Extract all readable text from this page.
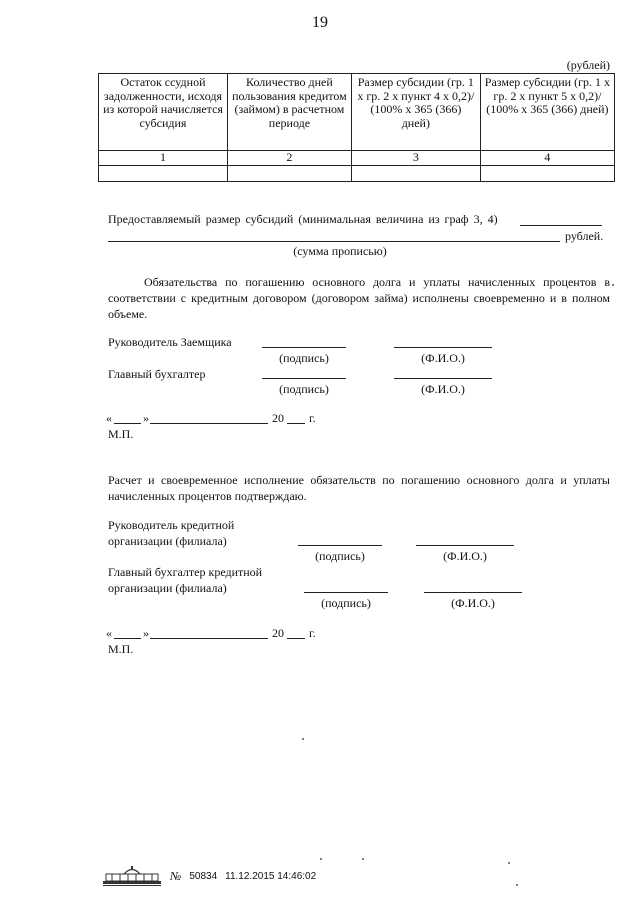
19
(рублей)
Остаток ссудной задолженности, исходя из которой начисляется субсидия	Количество дней пользования кредитом (займом) в расчетном периоде	Размер субсидии (гр. 1 х гр. 2 х пункт 4 х 0,2)/ (100% х 365 (366) дней)	Размер субсидии (гр. 1 х гр. 2 х пункт 5 х 0,2)/ (100% х 365 (366) дней)
1	2	3	4

Предоставляемый размер субсидий (минимальная величина из граф 3, 4)
рублей.
(сумма прописью)
Обязательства по погашению основного долга и уплаты начисленных процентов в соответствии с кредитным договором (договором займа) исполнены своевременно и в полном объеме.
Руководитель Заемщика
(подпись)	(Ф.И.О.)
Главный бухгалтер
(подпись)	(Ф.И.О.)
«	»	20 г.
М.П.
Расчет и своевременное исполнение обязательств по погашению основного долга и уплаты начисленных процентов подтверждаю.
Руководитель кредитной
организации (филиала)
(подпись)	(Ф.И.О.)
Главный бухгалтер кредитной
организации (филиала)
(подпись)	(Ф.И.О.)
«	»	20 г.
М.П.
№ 50834 11.12.2015 14:46:02
